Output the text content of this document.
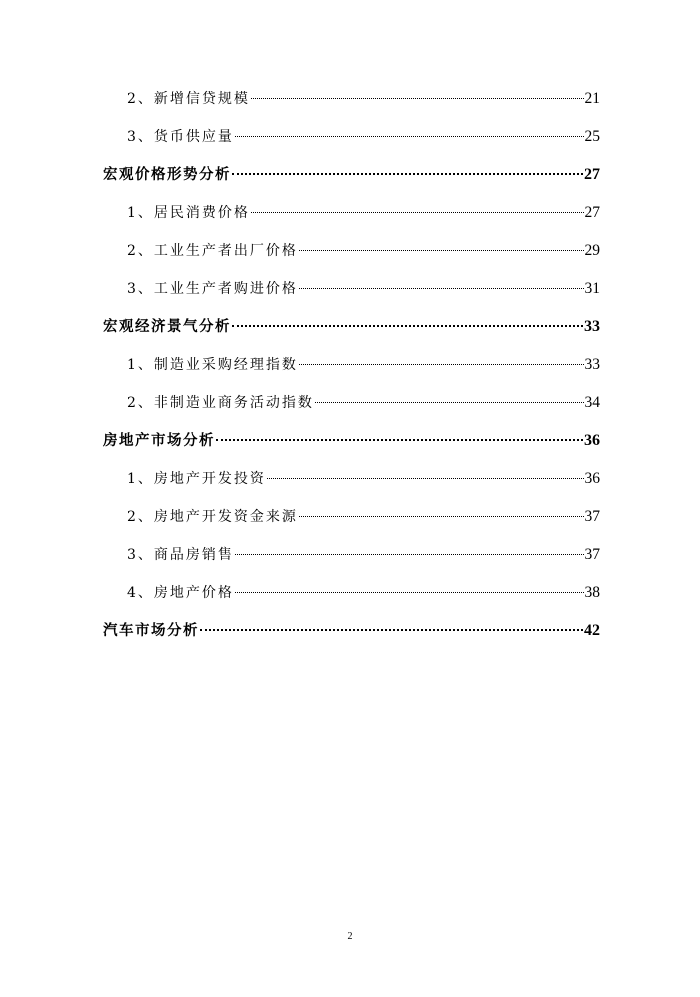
2、新增信贷规模	21
3、货币供应量	25
宏观价格形势分析	27
1、居民消费价格	27
2、工业生产者出厂价格	29
3、工业生产者购进价格	31
宏观经济景气分析	33
1、制造业采购经理指数	33
2、非制造业商务活动指数	34
房地产市场分析	36
1、房地产开发投资	36
2、房地产开发资金来源	37
3、商品房销售	37
4、房地产价格	38
汽车市场分析	42
2
